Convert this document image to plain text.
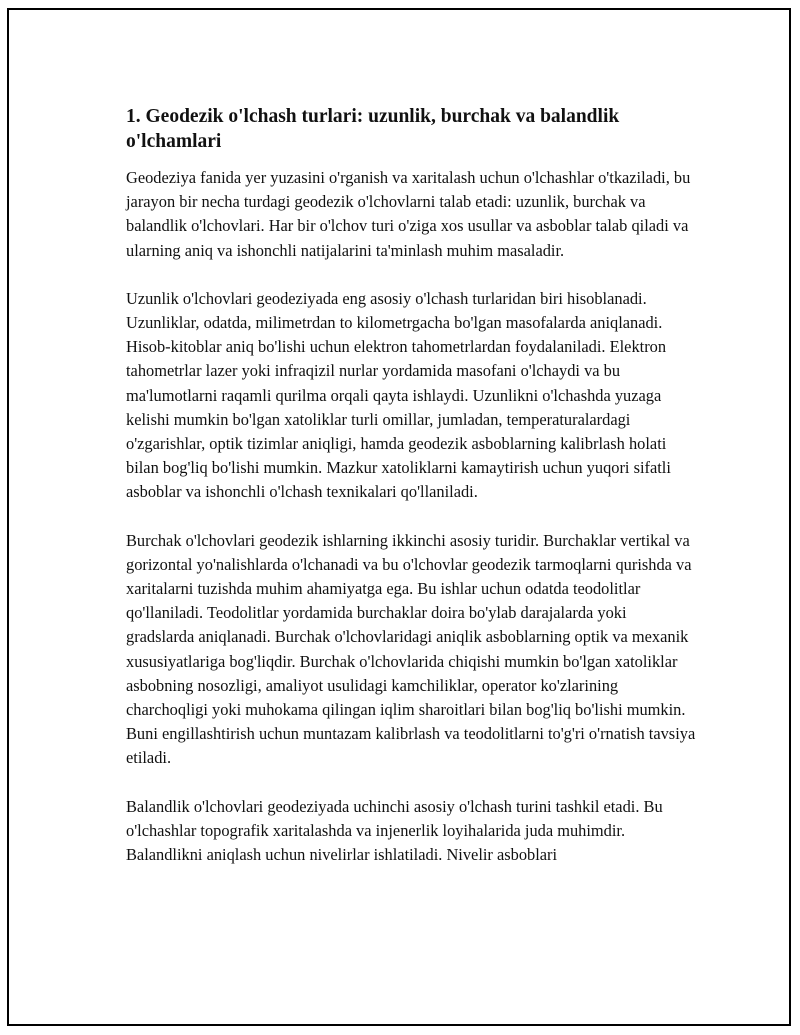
1. Geodezik o'lchash turlari: uzunlik, burchak va balandlik o'lchamlari

Geodeziya fanida yer yuzasini o'rganish va xaritalash uchun o'lchashlar o'tkaziladi, bu jarayon bir necha turdagi geodezik o'lchovlarni talab etadi: uzunlik, burchak va balandlik o'lchovlari. Har bir o'lchov turi o'ziga xos usullar va asboblar talab qiladi va ularning aniq va ishonchli natijalarini ta'minlash muhim masaladir.

Uzunlik o'lchovlari geodeziyada eng asosiy o'lchash turlaridan biri hisoblanadi. Uzunliklar, odatda, milimetrdan to kilometrgacha bo'lgan masofalarda aniqlanadi. Hisob-kitoblar aniq bo'lishi uchun elektron tahometrlardan foydalaniladi. Elektron tahometrlar lazer yoki infraqizil nurlar yordamida masofani o'lchaydi va bu ma'lumotlarni raqamli qurilma orqali qayta ishlaydi. Uzunlikni o'lchashda yuzaga kelishi mumkin bo'lgan xatoliklar turli omillar, jumladan, temperaturalardagi o'zgarishlar, optik tizimlar aniqligi, hamda geodezik asboblarning kalibrlash holati bilan bog'liq bo'lishi mumkin. Mazkur xatoliklarni kamaytirish uchun yuqori sifatli asboblar va ishonchli o'lchash texnikalari qo'llaniladi.

Burchak o'lchovlari geodezik ishlarning ikkinchi asosiy turidir. Burchaklar vertikal va gorizontal yo'nalishlarda o'lchanadi va bu o'lchovlar geodezik tarmoqlarni qurishda va xaritalarni tuzishda muhim ahamiyatga ega. Bu ishlar uchun odatda teodolitlar qo'llaniladi. Teodolitlar yordamida burchaklar doira bo'ylab darajalarda yoki gradslarda aniqlanadi. Burchak o'lchovlaridagi aniqlik asboblarning optik va mexanik xususiyatlariga bog'liqdir. Burchak o'lchovlarida chiqishi mumkin bo'lgan xatoliklar asbobning nosozligi, amaliyot usulidagi kamchiliklar, operator ko'zlarining charchoqligi yoki muhokama qilingan iqlim sharoitlari bilan bog'liq bo'lishi mumkin. Buni engillashtirish uchun muntazam kalibrlash va teodolitlarni to'g'ri o'rnatish tavsiya etiladi.

Balandlik o'lchovlari geodeziyada uchinchi asosiy o'lchash turini tashkil etadi. Bu o'lchashlar topografik xaritalashda va injenerlik loyihalarida juda muhimdir. Balandlikni aniqlash uchun nivelirlar ishlatiladi. Nivelir asboblari
